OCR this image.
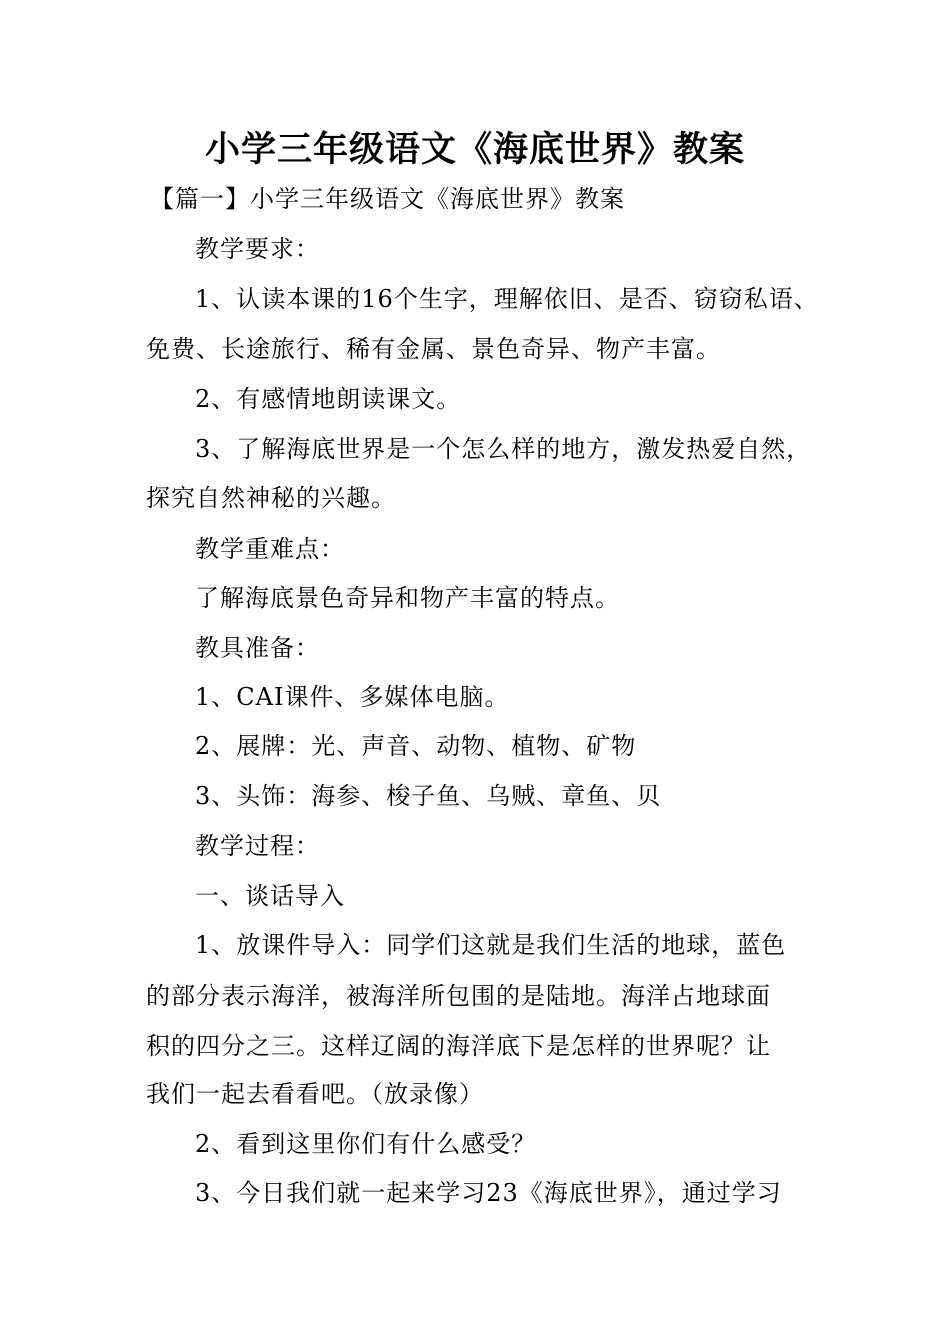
小学三年级语文《海底世界》教案
【篇一】小学三年级语文《海底世界》教案
教学要求：
1、认读本课的16个生字，理解依旧、是否、窃窃私语、
免费、长途旅行、稀有金属、景色奇异、物产丰富。
2、有感情地朗读课文。
3、了解海底世界是一个怎么样的地方，激发热爱自然，
探究自然神秘的兴趣。
教学重难点：
了解海底景色奇异和物产丰富的特点。
教具准备：
1、CAI课件、多媒体电脑。
2、展牌：光、声音、动物、植物、矿物
3、头饰：海参、梭子鱼、乌贼、章鱼、贝
教学过程：
一、谈话导入
1、放课件导入：同学们这就是我们生活的地球，蓝色
的部分表示海洋，被海洋所包围的是陆地。海洋占地球面
积的四分之三。这样辽阔的海洋底下是怎样的世界呢？让
我们一起去看看吧。（放录像）
2、看到这里你们有什么感受？
3、今日我们就一起来学习23《海底世界》，通过学习
